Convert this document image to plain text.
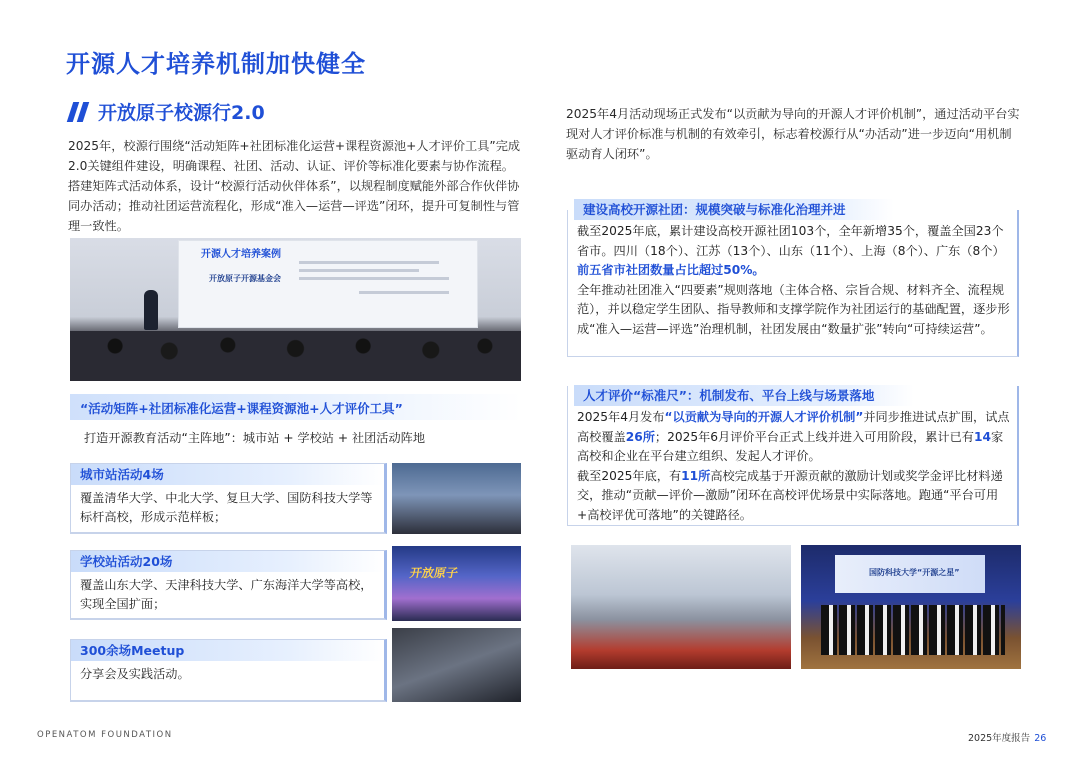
开源人才培养机制加快健全
开放原子校源行2.0

2025年，校源行围绕“活动矩阵+社团标准化运营+课程资源池+人才评价工具”完成2.0关键组件建设，明确课程、社团、活动、认证、评价等标准化要素与协作流程。搭建矩阵式活动体系，设计“校源行活动伙伴体系”，以规程制度赋能外部合作伙伴协同办活动；推动社团运营流程化，形成“准入—运营—评选”闭环，提升可复制性与管理一致性。

开源人才培养案例
开放原子开源基金会
“活动矩阵+社团标准化运营+课程资源池+人才评价工具”
打造开源教育活动“主阵地”：城市站 + 学校站 + 社团活动阵地
城市站活动4场
覆盖清华大学、中北大学、复旦大学、国防科技大学等标杆高校，形成示范样板；
学校站活动20场
覆盖山东大学、天津科技大学、广东海洋大学等高校，实现全国扩面；
开放原子
300余场Meetup
分享会及实践活动。

2025年4月活动现场正式发布“以贡献为导向的开源人才评价机制”，通过活动平台实现对人才评价标准与机制的有效牵引，标志着校源行从“办活动”进一步迈向“用机制驱动育人闭环”。

建设高校开源社团：规模突破与标准化治理并进
截至2025年底，累计建设高校开源社团103个，全年新增35个，覆盖全国23个省市。四川（18个）、江苏（13个）、山东（11个）、上海（8个）、广东（8个）前五省市社团数量占比超过50%。
全年推动社团准入“四要素”规则落地（主体合格、宗旨合规、材料齐全、流程规范），并以稳定学生团队、指导教师和支撑学院作为社团运行的基础配置，逐步形成“准入—运营—评选”治理机制，社团发展由“数量扩张”转向“可持续运营”。
人才评价“标准尺”：机制发布、平台上线与场景落地
2025年4月发布“以贡献为导向的开源人才评价机制”并同步推进试点扩围，试点高校覆盖26所；2025年6月评价平台正式上线并进入可用阶段，累计已有14家高校和企业在平台建立组织、发起人才评价。
截至2025年底，有11所高校完成基于开源贡献的激励计划或奖学金评比材料递交，推动“贡献—评价—激励”闭环在高校评优场景中实际落地。跑通“平台可用+高校评优可落地”的关键路径。
国防科技大学“开源之星”
OPENATOM FOUNDATION	2025年度报告 26
